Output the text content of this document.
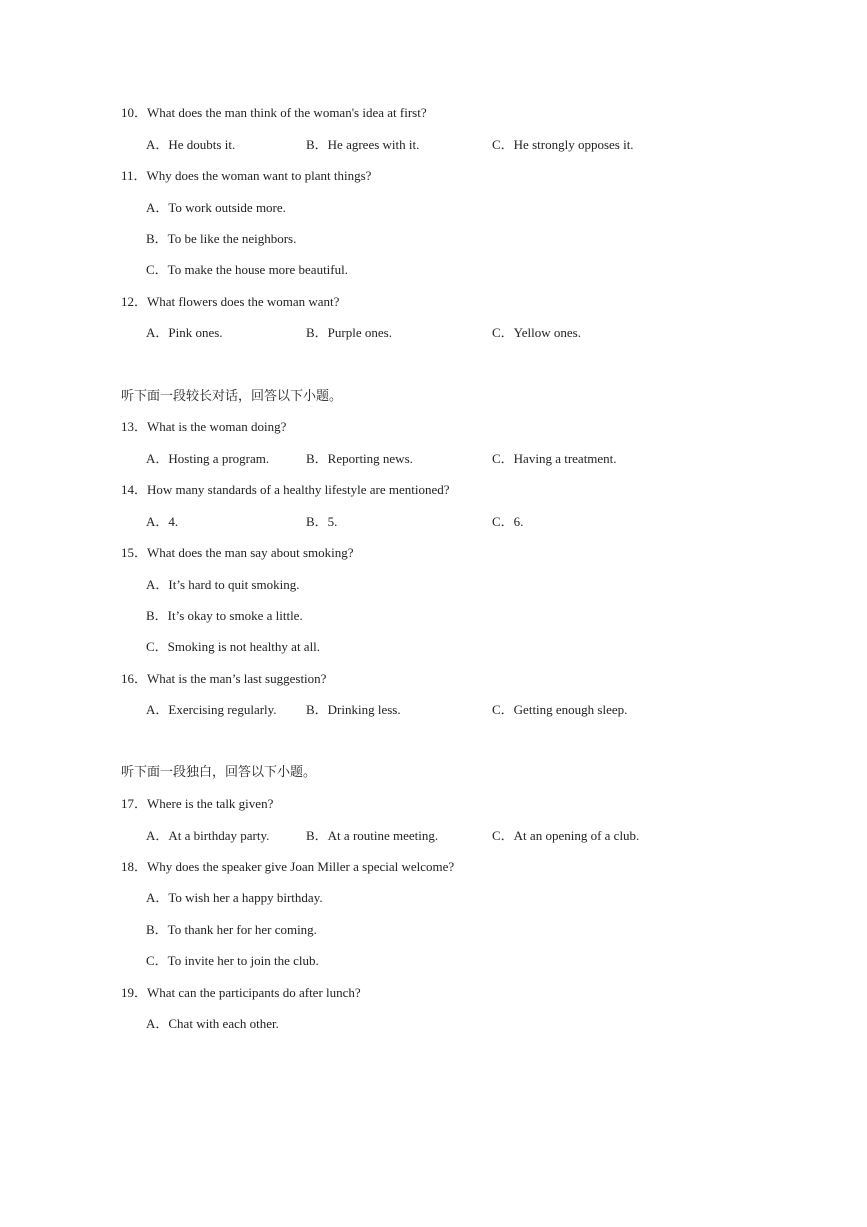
10．What does the man think of the woman's idea at first?
A．He doubts it.	B．He agrees with it.	C．He strongly opposes it.
11．Why does the woman want to plant things?
A．To work outside more.
B．To be like the neighbors.
C．To make the house more beautiful.
12．What flowers does the woman want?
A．Pink ones.	B．Purple ones.	C．Yellow ones.
听下面一段较长对话，回答以下小题。
13．What is the woman doing?
A．Hosting a program.	B．Reporting news.	C．Having a treatment.
14．How many standards of a healthy lifestyle are mentioned?
A．4.	B．5.	C．6.
15．What does the man say about smoking?
A．It’s hard to quit smoking.
B．It’s okay to smoke a little.
C．Smoking is not healthy at all.
16．What is the man’s last suggestion?
A．Exercising regularly. B．Drinking less.	C．Getting enough sleep.
听下面一段独白，回答以下小题。
17．Where is the talk given?
A．At a birthday party.	B．At a routine meeting.	C．At an opening of a club.
18．Why does the speaker give Joan Miller a special welcome?
A．To wish her a happy birthday.
B．To thank her for her coming.
C．To invite her to join the club.
19．What can the participants do after lunch?
A．Chat with each other.
